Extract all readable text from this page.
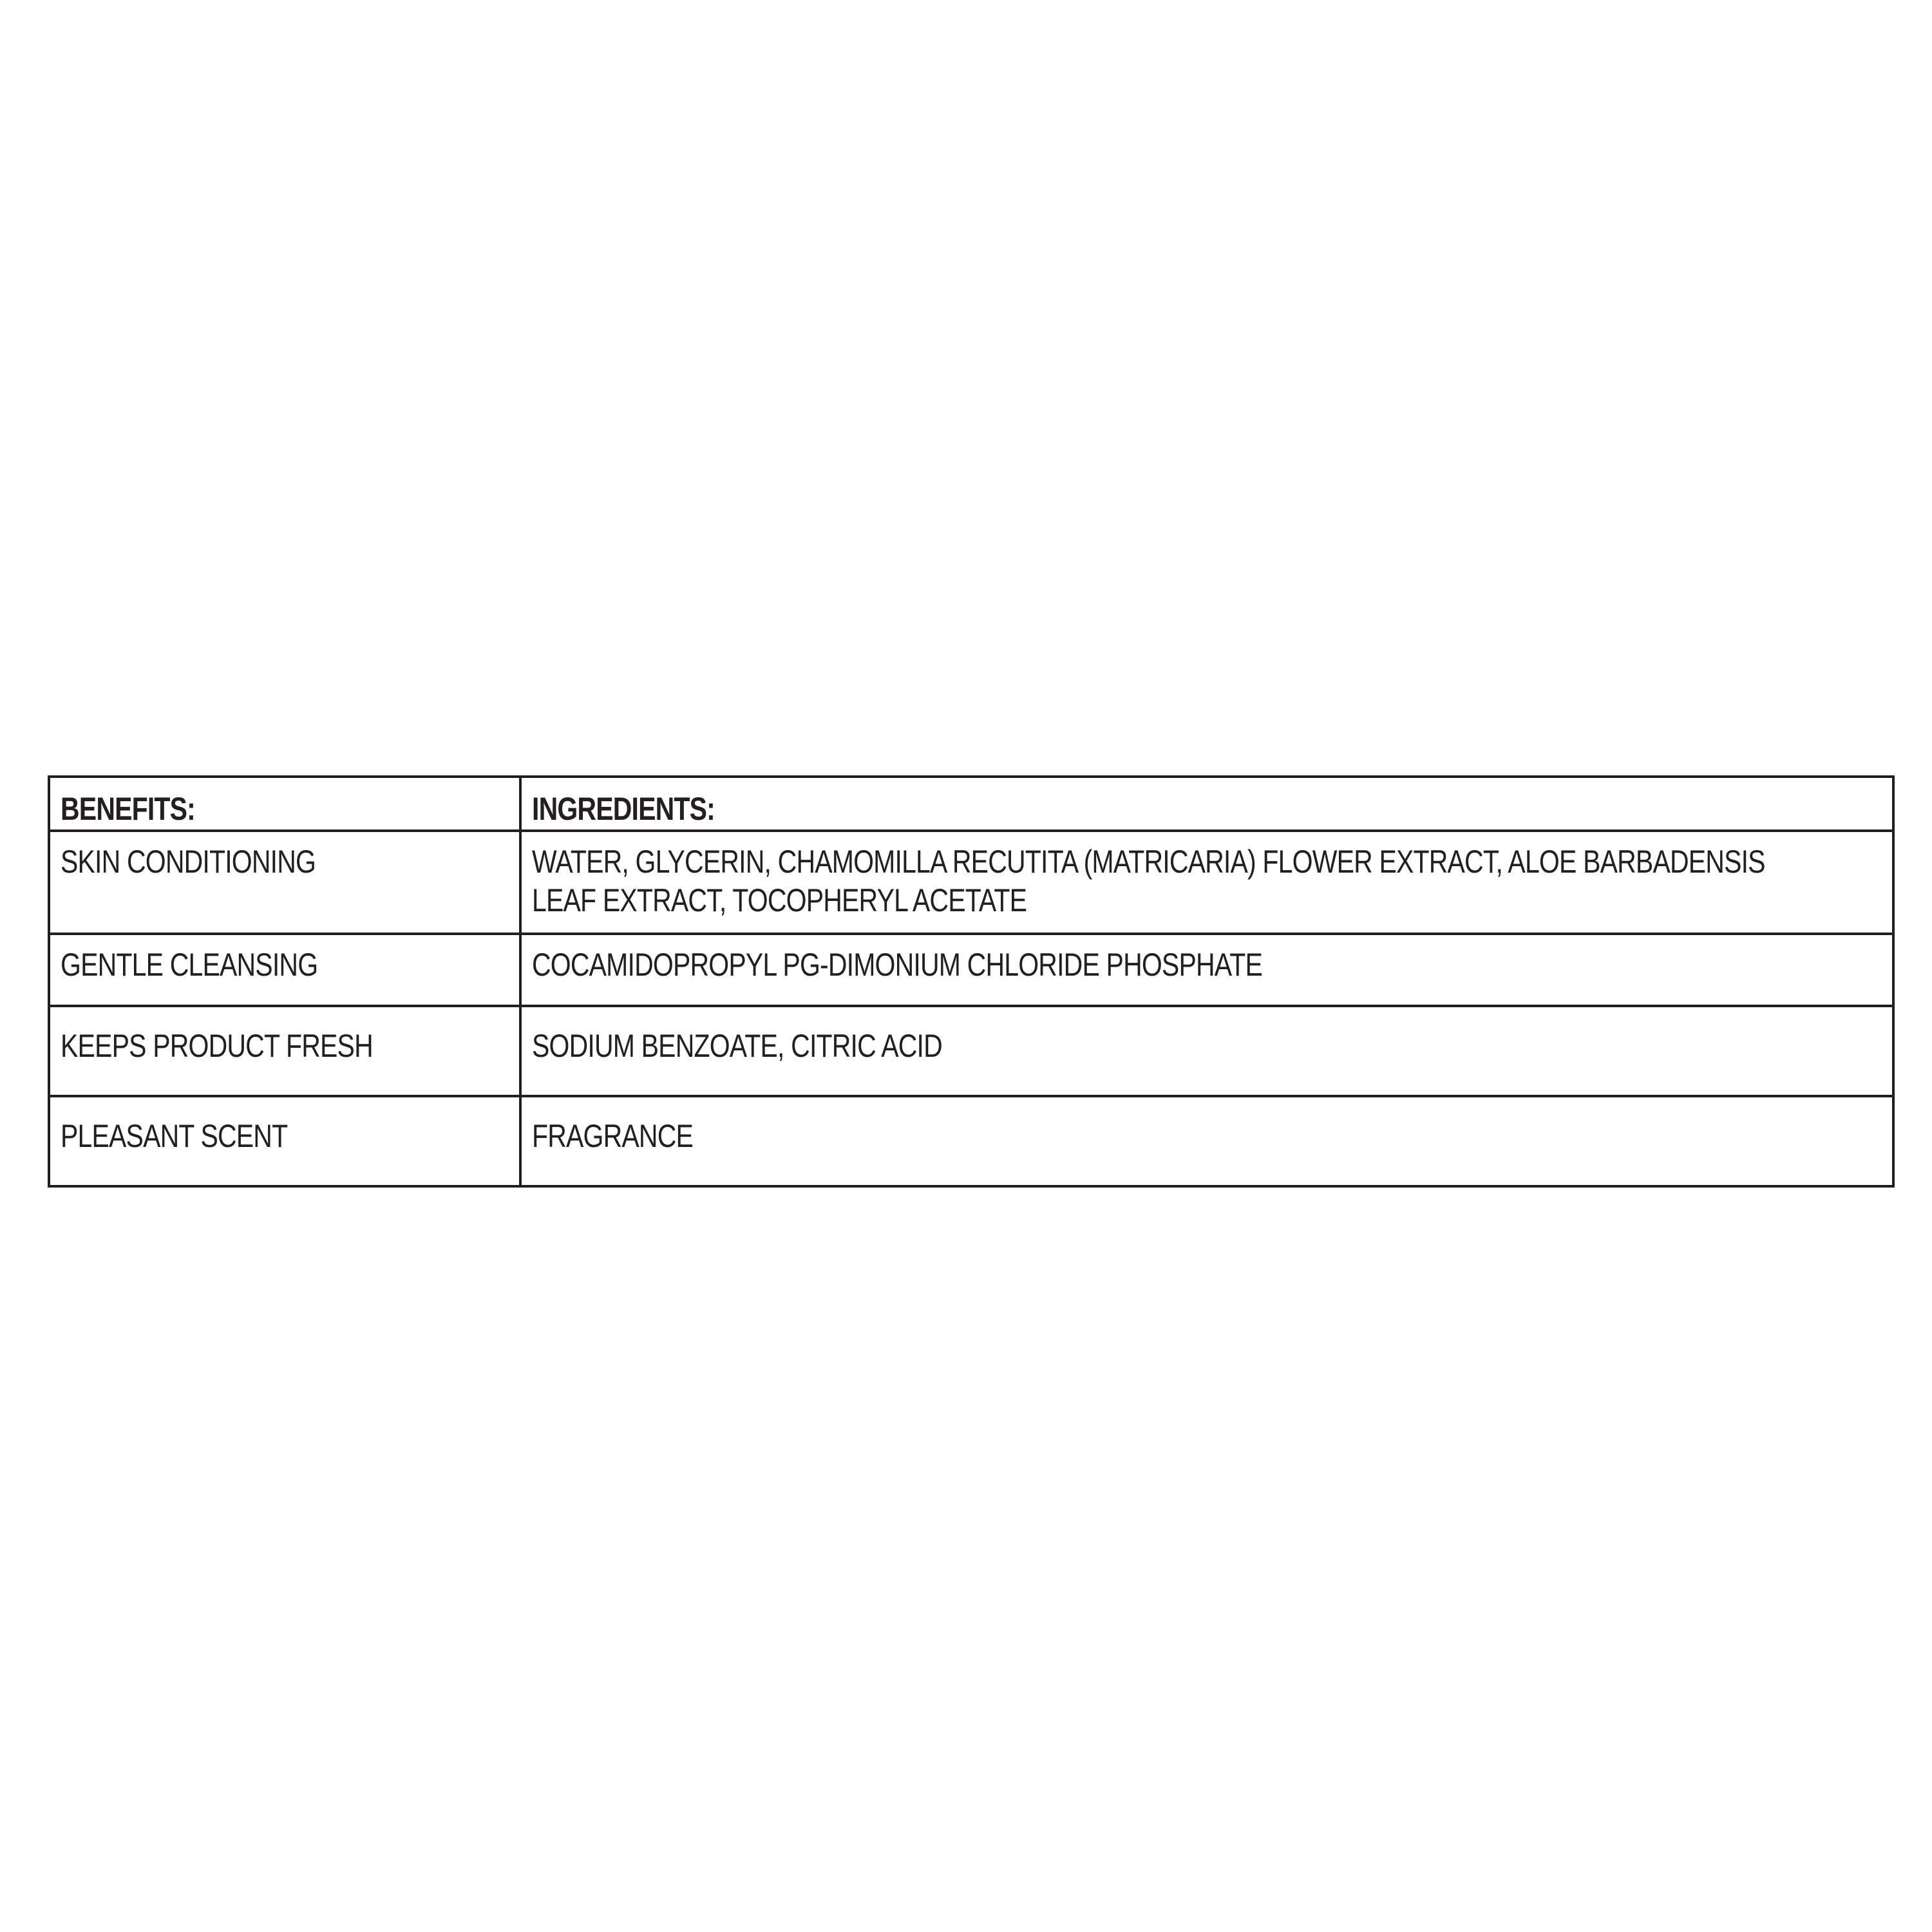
BENEFITS:	INGREDIENTS:
SKIN CONDITIONING	WATER, GLYCERIN, CHAMOMILLA RECUTITA (MATRICARIA) FLOWER EXTRACT, ALOE BARBADENSIS
LEAF EXTRACT, TOCOPHERYL ACETATE
GENTLE CLEANSING	COCAMIDOPROPYL PG-DIMONIUM CHLORIDE PHOSPHATE
KEEPS PRODUCT FRESH	SODIUM BENZOATE, CITRIC ACID
PLEASANT SCENT	FRAGRANCE
